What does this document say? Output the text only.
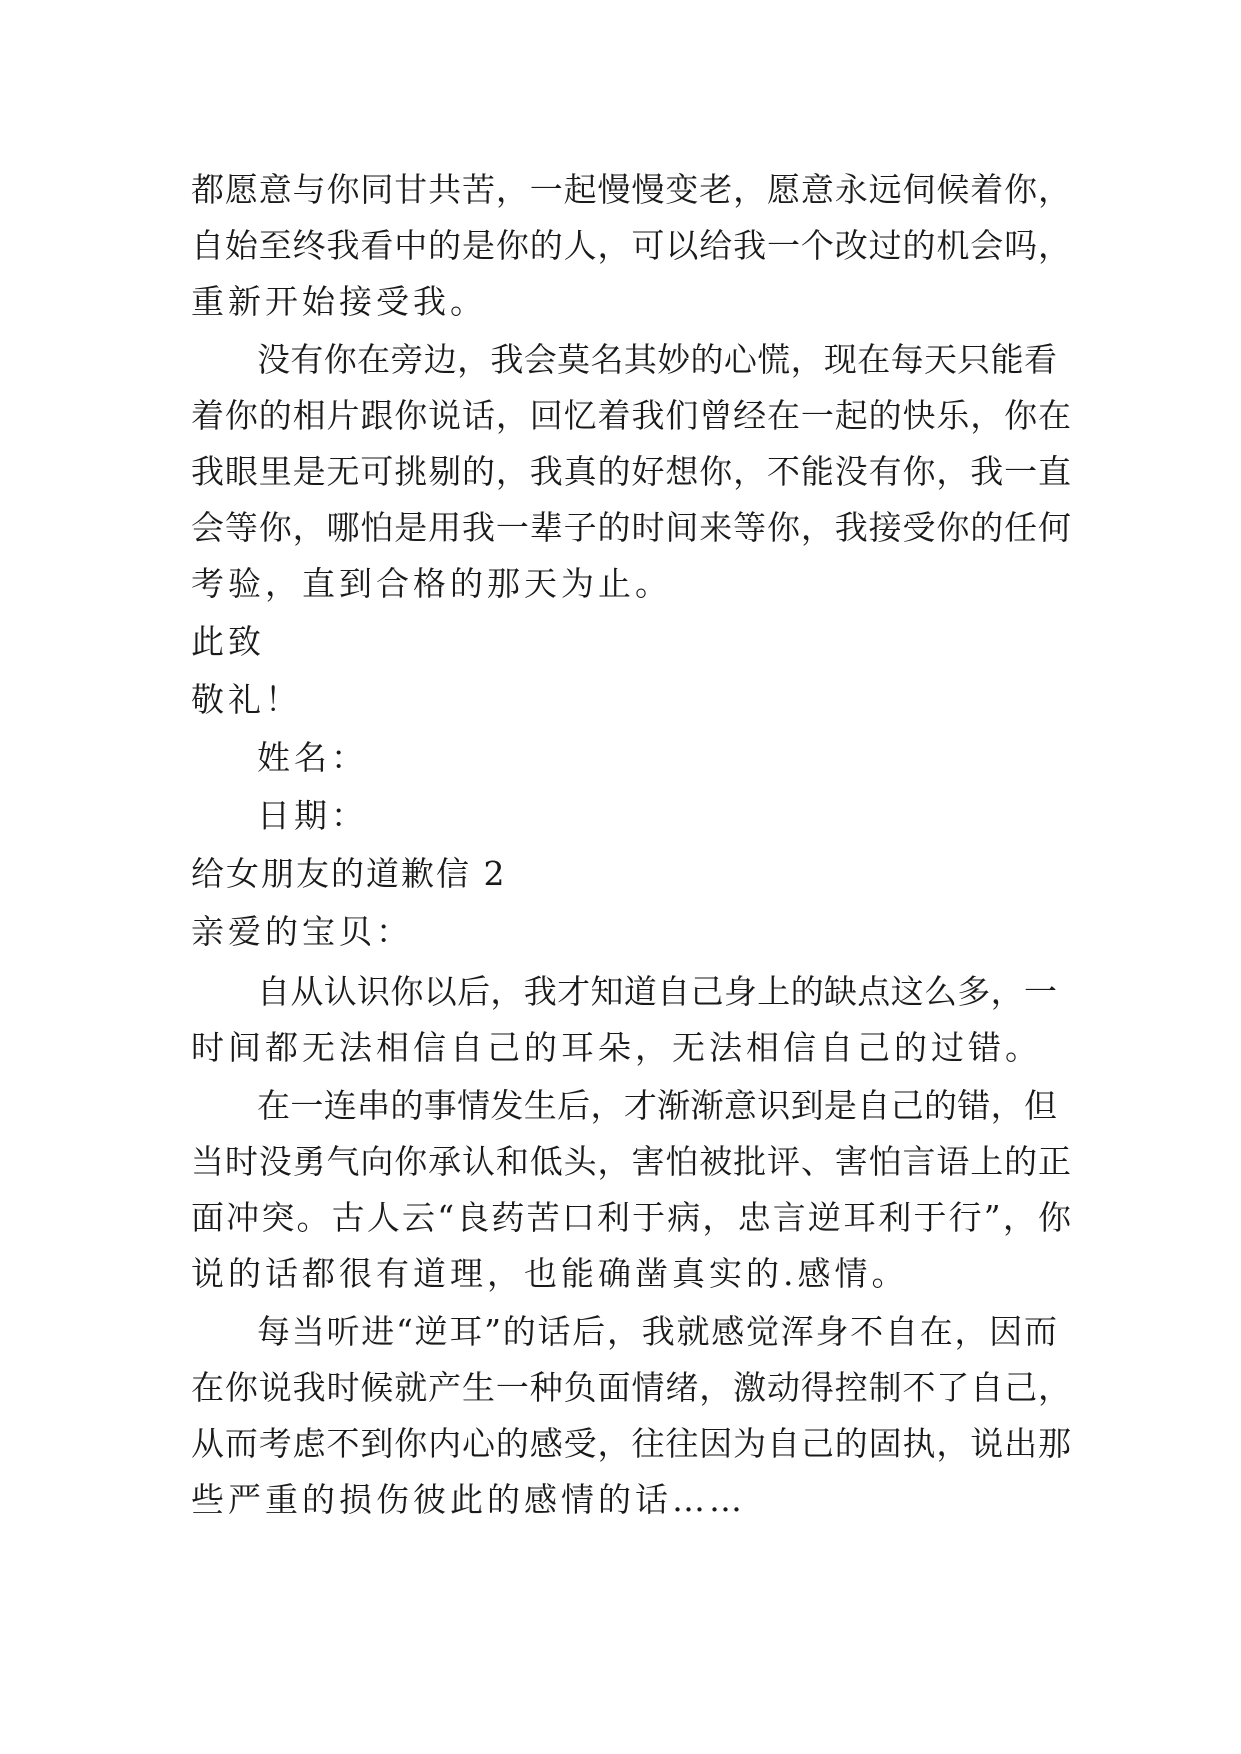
都愿意与你同甘共苦，一起慢慢变老，愿意永远伺候着你，
自始至终我看中的是你的人，可以给我一个改过的机会吗，
重新开始接受我。
没有你在旁边，我会莫名其妙的心慌，现在每天只能看
着你的相片跟你说话，回忆着我们曾经在一起的快乐，你在
我眼里是无可挑剔的，我真的好想你，不能没有你，我一直
会等你，哪怕是用我一辈子的时间来等你，我接受你的任何
考验，直到合格的那天为止。
此致
敬礼！
姓名：
日期：
给女朋友的道歉信 2
亲爱的宝贝：
自从认识你以后，我才知道自己身上的缺点这么多，一
时间都无法相信自己的耳朵，无法相信自己的过错。
在一连串的事情发生后，才渐渐意识到是自己的错，但
当时没勇气向你承认和低头，害怕被批评、害怕言语上的正
面冲突。古人云“良药苦口利于病，忠言逆耳利于行”，你
说的话都很有道理，也能确凿真实的.感情。
每当听进“逆耳”的话后，我就感觉浑身不自在，因而
在你说我时候就产生一种负面情绪，激动得控制不了自己，
从而考虑不到你内心的感受，往往因为自己的固执，说出那
些严重的损伤彼此的感情的话……
